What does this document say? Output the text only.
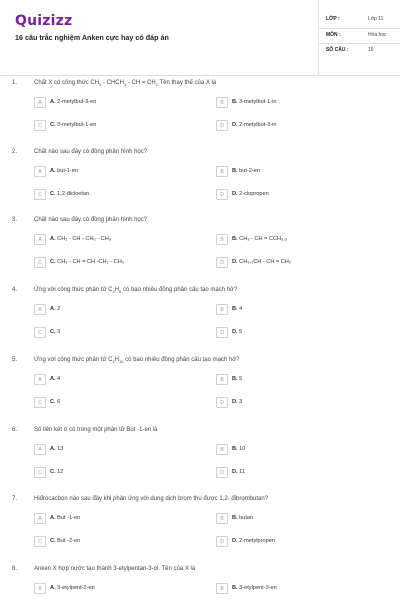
Quizizz
16 câu trắc nghiệm Anken cực hay có đáp án
LỚP :	Lớp 11
MÔN :	Hóa học
SỐ CÂU :	16
1.	Chất X có công thức $CH_3$ - $CHCH_3$ - CH = $CH_2$ Tên thay thế của X là
A	A. 2-metylbut-3-en	B	B. 3-metylbut-1-in
C	C. 3-metylbut-1-en	D	D. 2-metylbut-3-in
2.	Chất nào sau đây có đồng phân hình học?
A	A. but-1-en	B	B. but-2-en
C	C. 1,2-đicloetan	D	D. 2-clopropen
3.	Chất nào sau đây có đồng phân hình học?
A	A. CH₂ - CH - CH₂ - CH₃	B	B. CH₃ - CH = CCH₃,₃
C	C. CH₃ - CH = CH -CH₂ - CH₃	D	D. CH₃,₂CH - CH = CH₂
4.	Ứng với công thức phân tử $C_4H_8$ có bao nhiêu đồng phân cấu tạo mạch hở?
A	A. 2	B	B. 4
C	C. 3	D	D. 5
5.	Ứng với công thức phân tử $C_5H_{10}$ có bao nhiêu đồng phân cấu tạo mạch hở?
A	A. 4	B	B. 5
C	C. 6	D	D. 3
6.	Số liên kết σ có trong một phân tử But -1-en là
A	A. 13	B	B. 10
C	C. 12	D	D. 11
7.	Hiđrocacbon nào sau đây khi phản ứng với dung dịch brom thu được 1,2- đibrombutan?
A	A. But -1-en	B	B. butan
C	C. But -2-en	D	D. 2-metylpropen
8.	Anken X hợp nước tạo thành 3-etylpentan-3-ol. Tên của X là
A	A. 3-etylpent-2-en	B	B. 3-etylpent-3-en
